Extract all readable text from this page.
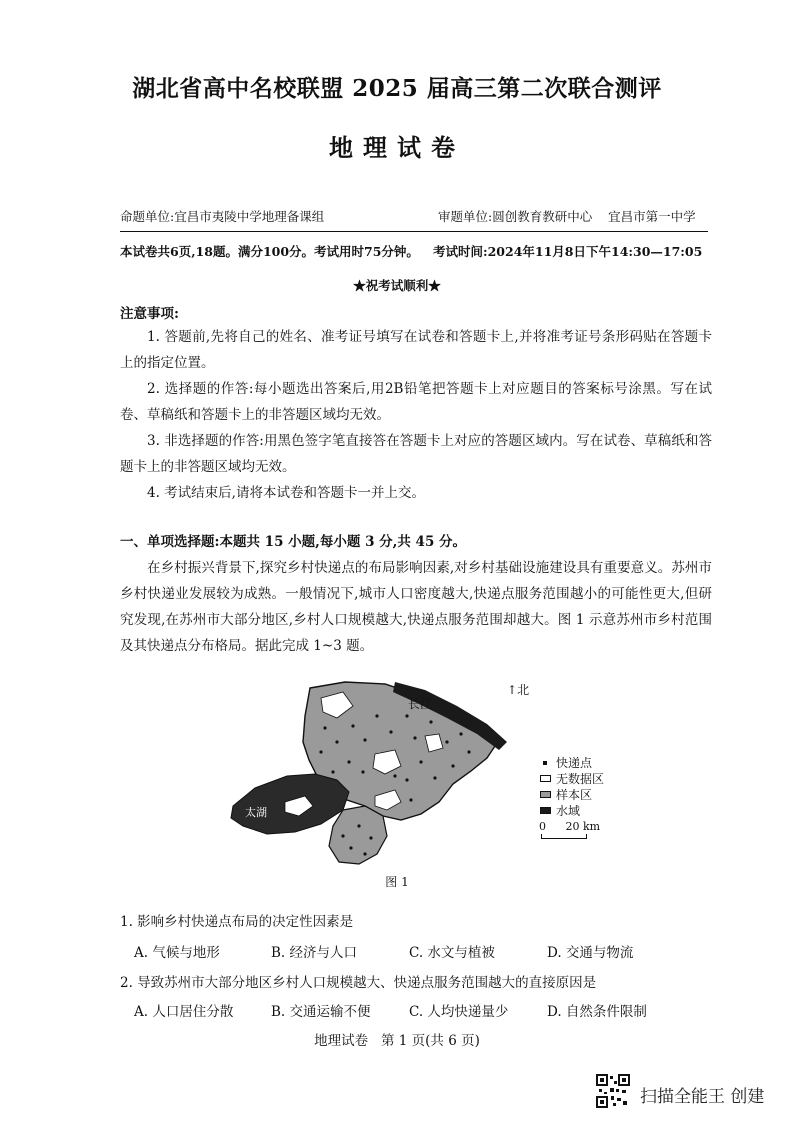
湖北省高中名校联盟 2025 届高三第二次联合测评
地理试卷
命题单位:宜昌市夷陵中学地理备课组	审题单位:圆创教育教研中心    宜昌市第一中学
本试卷共6页,18题。满分100分。考试用时75分钟。 考试时间:2024年11月8日下午14:30—17:05
★祝考试顺利★
注意事项:
1. 答题前,先将自己的姓名、准考证号填写在试卷和答题卡上,并将准考证号条形码贴在答题卡上的指定位置。
2. 选择题的作答:每小题选出答案后,用2B铅笔把答题卡上对应题目的答案标号涂黑。写在试卷、草稿纸和答题卡上的非答题区域均无效。
3. 非选择题的作答:用黑色签字笔直接答在答题卡上对应的答题区域内。写在试卷、草稿纸和答题卡上的非答题区域均无效。
4. 考试结束后,请将本试卷和答题卡一并上交。
一、单项选择题:本题共 15 小题,每小题 3 分,共 45 分。
在乡村振兴背景下,探究乡村快递点的布局影响因素,对乡村基础设施建设具有重要意义。苏州市乡村快递业发展较为成熟。一般情况下,城市人口密度越大,快递点服务范围越小的可能性更大,但研究发现,在苏州市大部分地区,乡村人口规模越大,快递点服务范围却越大。图 1 示意苏州市乡村范围及其快递点分布格局。据此完成 1~3 题。
长江
太湖
↑北
快递点
无数据区
样本区
水域
0 20 km
图 1
1. 影响乡村快递点布局的决定性因素是
A. 气候与地形	B. 经济与人口	C. 水文与植被	D. 交通与物流
2. 导致苏州市大部分地区乡村人口规模越大、快递点服务范围越大的直接原因是
A. 人口居住分散	B. 交通运输不便	C. 人均快递量少	D. 自然条件限制
地理试卷   第 1 页(共 6 页)
扫描全能王 创建
